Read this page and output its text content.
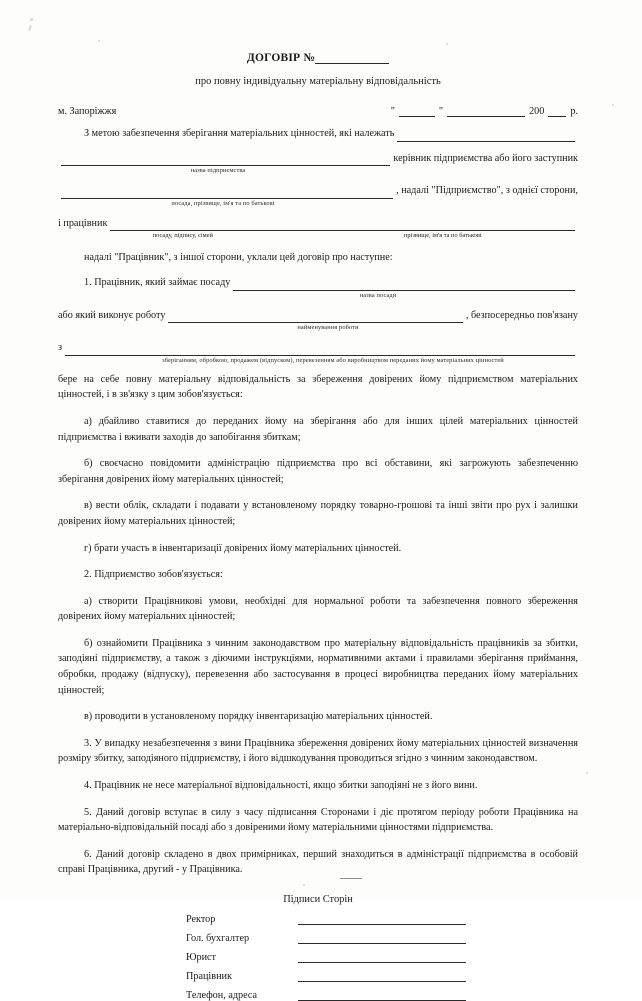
ДОГОВІР №
про повну індивідуальну матеріальну відповідальність
м. Запоріжжя	"	"	200	р.
З метою забезпечення зберігання матеріальних цінностей, які належать
керівник підприємства або його заступник
назва підприємства
, надалі "Підприємство", з однієї сторони,
посада, прізвище, ім'я та по батькові
і працівник
посаду, підпису, сімей	прізвище, ім'я та по батькові

надалі "Працівник", з іншої сторони, уклали цей договір про наступне:

1. Працівник, який займає посаду
назва посади
або який виконує роботу	, безпосередньо пов'язану
найменування роботи
з
зберіганням, обробкою, продажем (відпуском), перевезенням або виробництвом переданих йому матеріальних цінностей

бере на себе повну матеріальну відповідальність за збереження довірених йому підприємством матеріальних цінностей, і в зв'язку з цим зобов'язується:

а) дбайливо ставитися до переданих йому на зберігання або для інших цілей матеріальних цінностей підприємства і вживати заходів до запобігання збиткам;

б) своєчасно повідомити адміністрацію підприємства про всі обставини, які загрожують забезпеченню зберігання довірених йому матеріальних цінностей;

в) вести облік, складати і подавати у встановленому порядку товарно-грошові та інші звіти про рух і залишки довірених йому матеріальних цінностей;

г) брати участь в інвентаризації довірених йому матеріальних цінностей.

2. Підприємство зобов'язується:

а) створити Працівникові умови, необхідні для нормальної роботи та забезпечення повного збереження довірених йому матеріальних цінностей;

б) ознайомити Працівника з чинним законодавством про матеріальну відповідальність працівників за збитки, заподіяні підприємству, а також з діючими інструкціями, нормативними актами і правилами зберігання приймання, обробки, продажу (відпуску), перевезення або застосування в процесі виробництва переданих йому матеріальних цінностей;

в) проводити в установленому порядку інвентаризацію матеріальних цінностей.

3. У випадку незабезпечення з вини Працівника збереження довірених йому матеріальних цінностей визначення розміру збитку, заподіяного підприємству, і його відшкодування проводиться згідно з чинним законодавством.

4. Працівник не несе матеріальної відповідальності, якщо збитки заподіяні не з його вини.

5. Даний договір вступає в силу з часу підписання Сторонами і діє протягом періоду роботи Працівника на матеріально-відповідальній посаді або з довіреними йому матеріальними цінностями підприємства.

6. Даний договір складено в двох примірниках, перший знаходиться в адміністрації підприємства в особовій справі Працівника, другий - у Працівника.

Підписи Сторін
Ректор
Гол. бухгалтер
Юрист
Працівник
Телефон, адреса
